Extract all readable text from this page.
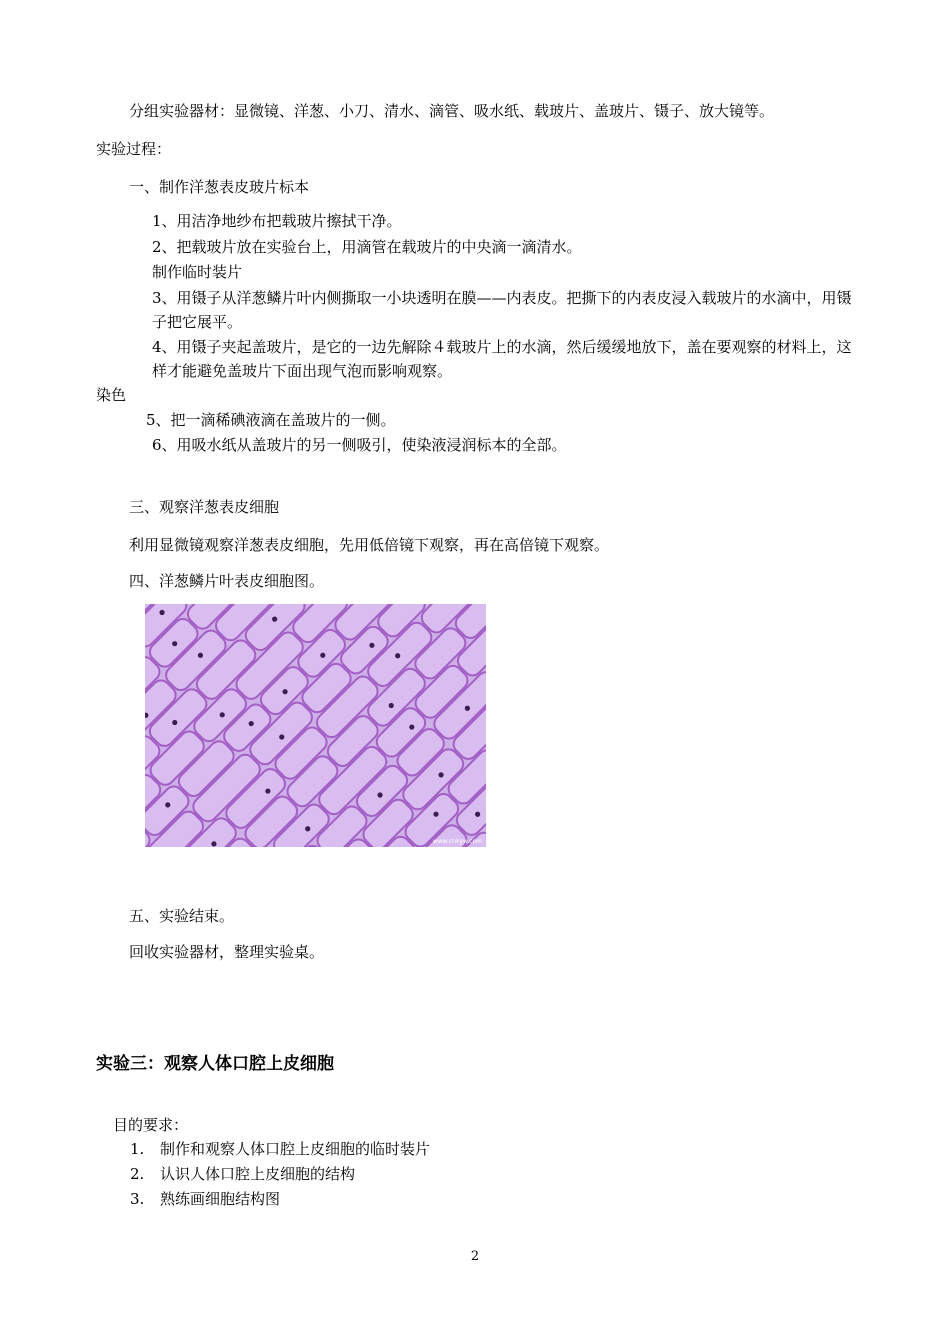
分组实验器材：显微镜、洋葱、小刀、清水、滴管、吸水纸、载玻片、盖玻片、镊子、放大镜等。

实验过程：

一、制作洋葱表皮玻片标本

1、用洁净地纱布把载玻片擦拭干净。

2、把载玻片放在实验台上，用滴管在载玻片的中央滴一滴清水。

制作临时装片

3、用镊子从洋葱鳞片叶内侧撕取一小块透明在膜——内表皮。把撕下的内表皮浸入载玻片的水滴中，用镊子把它展平。

4、用镊子夹起盖玻片，是它的一边先解除４载玻片上的水滴，然后缓缓地放下，盖在要观察的材料上，这样才能避免盖玻片下面出现气泡而影响观察。

染色

5、把一滴稀碘液滴在盖玻片的一侧。

6、用吸水纸从盖玻片的另一侧吸引，使染液浸润标本的全部。

三、观察洋葱表皮细胞

利用显微镜观察洋葱表皮细胞，先用低倍镜下观察，再在高倍镜下观察。

四、洋葱鳞片叶表皮细胞图。

www.cnkyw.com

五、实验结束。

回收实验器材，整理实验桌。

实验三：观察人体口腔上皮细胞

目的要求：

1. 制作和观察人体口腔上皮细胞的临时装片
2. 认识人体口腔上皮细胞的结构
3. 熟练画细胞结构图
2
